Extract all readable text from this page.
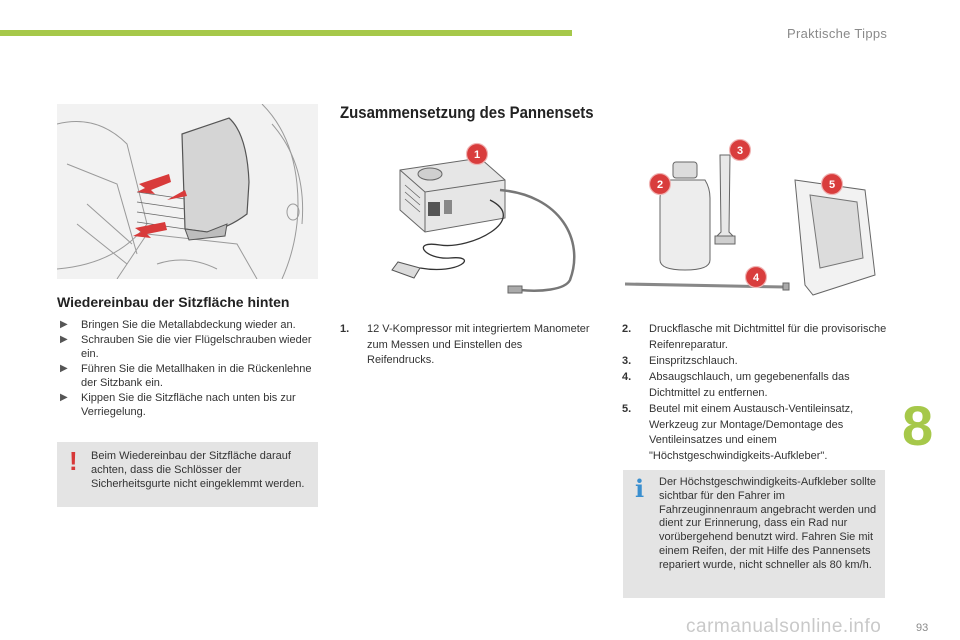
Praktische Tipps
8
93
carmanualsonline.info
Wiedereinbau der Sitzfläche hinten
▶︎ Bringen Sie die Metallabdeckung wieder an.
▶︎ Schrauben Sie die vier Flügelschrauben wieder ein.
▶︎ Führen Sie die Metallhaken in die Rückenlehne der Sitzbank ein.
▶︎ Kippen Sie die Sitzfläche nach unten bis zur Verriegelung.
! Beim Wiedereinbau der Sitzfläche darauf achten, dass die Schlösser der Sicherheitsgurte nicht eingeklemmt werden.
Zusammensetzung des Pannensets
1
2
3
4
5
1.	12 V-Kompressor mit integriertem Manometer zum Messen und Einstellen des Reifendrucks.
2.	Druckflasche mit Dichtmittel für die provisorische Reifenreparatur.
3.	Einspritzschlauch.
4.	Absaugschlauch, um gegebenenfalls das Dichtmittel zu entfernen.
5.	Beutel mit einem Austausch-Ventileinsatz, Werkzeug zur Montage/Demontage des Ventileinsatzes und einem "Höchstgeschwindigkeits-Aufkleber".
i Der Höchstgeschwindigkeits-Aufkleber sollte sichtbar für den Fahrer im Fahrzeuginnenraum angebracht werden und dient zur Erinnerung, dass ein Rad nur vorübergehend benutzt wird. Fahren Sie mit einem Reifen, der mit Hilfe des Pannensets repariert wurde, nicht schneller als 80 km/h.
